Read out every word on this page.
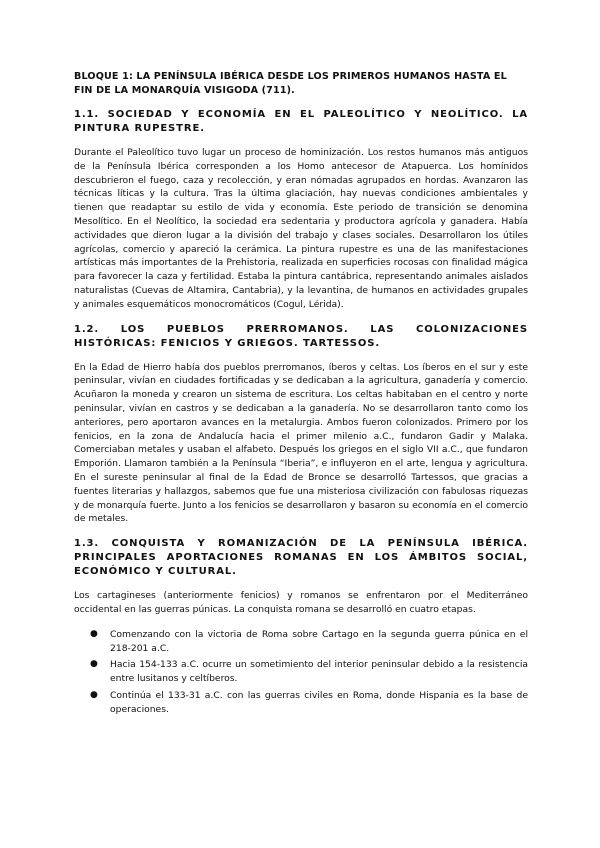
BLOQUE 1: LA PENÍNSULA IBÉRICA DESDE LOS PRIMEROS HUMANOS HASTA EL FIN DE LA MONARQUÍA VISIGODA (711).
1.1. SOCIEDAD Y ECONOMÍA EN EL PALEOLÍTICO Y NEOLÍTICO. LA PINTURA RUPESTRE.

Durante el Paleolítico tuvo lugar un proceso de hominización. Los restos humanos más antiguos de la Península Ibérica corresponden a los Homo antecesor de Atapuerca. Los homínidos descubrieron el fuego, caza y recolección, y eran nómadas agrupados en hordas. Avanzaron las técnicas líticas y la cultura. Tras la última glaciación, hay nuevas condiciones ambientales y tienen que readaptar su estilo de vida y economía. Este periodo de transición se denomina Mesolítico. En el Neolítico, la sociedad era sedentaria y productora agrícola y ganadera. Había actividades que dieron lugar a la división del trabajo y clases sociales. Desarrollaron los útiles agrícolas, comercio y apareció la cerámica. La pintura rupestre es una de las manifestaciones artísticas más importantes de la Prehistoria, realizada en superficies rocosas con finalidad mágica para favorecer la caza y fertilidad. Estaba la pintura cantábrica, representando animales aislados naturalistas (Cuevas de Altamira, Cantabria), y la levantina, de humanos en actividades grupales y animales esquemáticos monocromáticos (Cogul, Lérida).

1.2. LOS PUEBLOS PRERROMANOS. LAS COLONIZACIONES HISTÓRICAS: FENICIOS Y GRIEGOS. TARTESSOS.

En la Edad de Hierro había dos pueblos prerromanos, íberos y celtas. Los íberos en el sur y este peninsular, vivían en ciudades fortificadas y se dedicaban a la agricultura, ganadería y comercio. Acuñaron la moneda y crearon un sistema de escritura. Los celtas habitaban en el centro y norte peninsular, vivían en castros y se dedicaban a la ganadería. No se desarrollaron tanto como los anteriores, pero aportaron avances en la metalurgia. Ambos fueron colonizados. Primero por los fenicios, en la zona de Andalucía hacia el primer milenio a.C., fundaron Gadir y Malaka. Comerciaban metales y usaban el alfabeto. Después los griegos en el siglo VII a.C., que fundaron Emporión. Llamaron también a la Península “Iberia”, e influyeron en el arte, lengua y agricultura. En el sureste peninsular al final de la Edad de Bronce se desarrolló Tartessos, que gracias a fuentes literarias y hallazgos, sabemos que fue una misteriosa civilización con fabulosas riquezas y de monarquía fuerte. Junto a los fenicios se desarrollaron y basaron su economía en el comercio de metales.

1.3. CONQUISTA Y ROMANIZACIÓN DE LA PENÍNSULA IBÉRICA. PRINCIPALES APORTACIONES ROMANAS EN LOS ÁMBITOS SOCIAL, ECONÓMICO Y CULTURAL.

Los cartagineses (anteriormente fenicios) y romanos se enfrentaron por el Mediterráneo occidental en las guerras púnicas. La conquista romana se desarrolló en cuatro etapas.

● Comenzando con la victoria de Roma sobre Cartago en la segunda guerra púnica en el 218-201 a.C.
● Hacia 154-133 a.C. ocurre un sometimiento del interior peninsular debido a la resistencia entre lusitanos y celtíberos.
● Continúa el 133-31 a.C. con las guerras civiles en Roma, donde Hispania es la base de operaciones.
